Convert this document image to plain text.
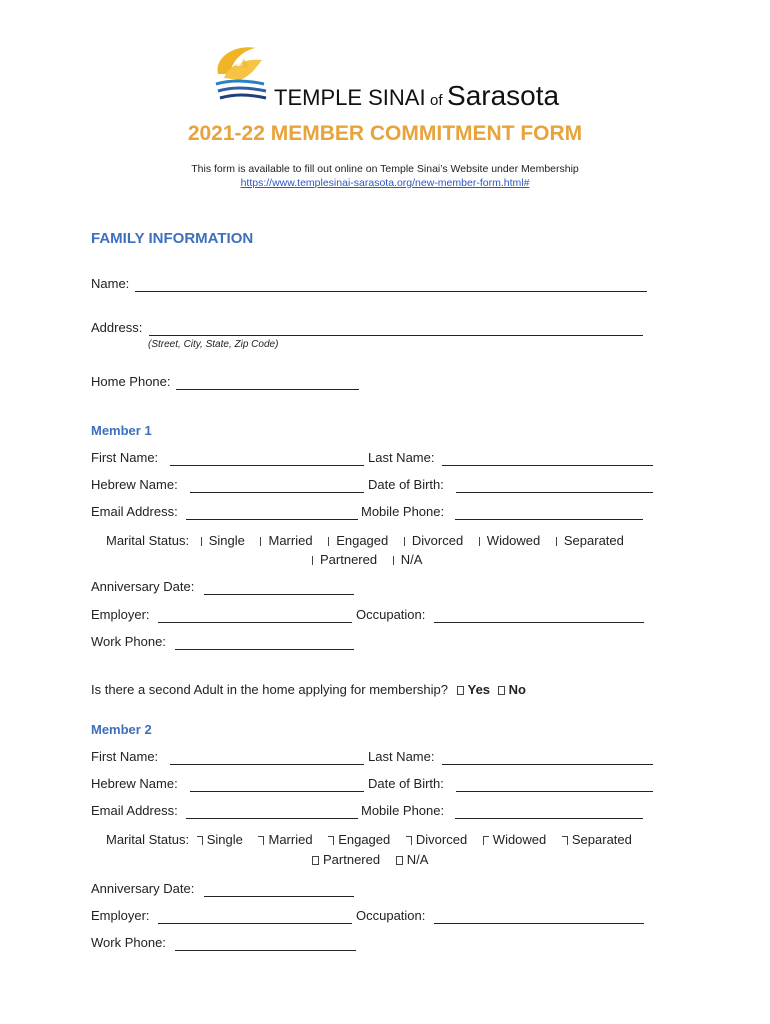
TEMPLE SINAI of Sarasota
2021-22 MEMBER COMMITMENT FORM
This form is available to fill out online on Temple Sinai’s Website under Membership
https://www.templesinai-sarasota.org/new-member-form.html#
FAMILY INFORMATION
Name:
Address:
(Street, City, State, Zip Code)
Home Phone:
Member 1
First Name:	Last Name:
Hebrew Name:	Date of Birth:
Email Address:	Mobile Phone:
Marital Status: Single Married Engaged Divorced Widowed Separated
Partnered N/A
Anniversary Date:
Employer:	Occupation:
Work Phone:
Is there a second Adult in the home applying for membership? Yes No
Member 2
First Name:	Last Name:
Hebrew Name:	Date of Birth:
Email Address:	Mobile Phone:
Marital Status: Single Married Engaged Divorced Widowed Separated
Partnered N/A
Anniversary Date:
Employer:	Occupation:
Work Phone:
